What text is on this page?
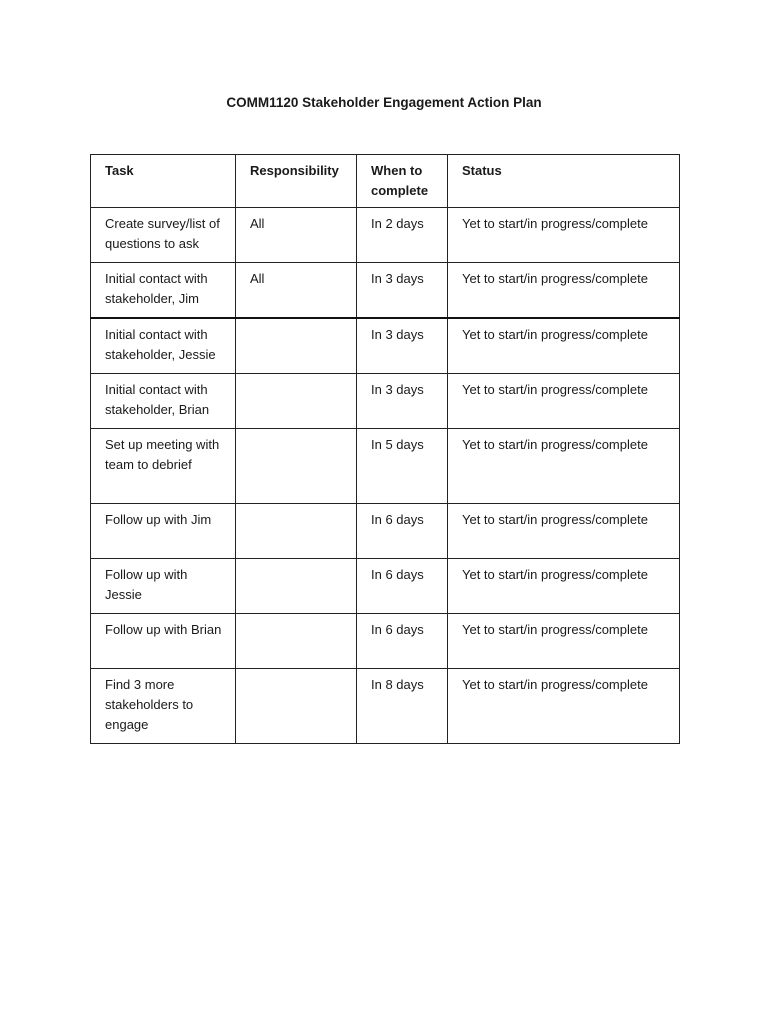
COMM1120 Stakeholder Engagement Action Plan
Task	Responsibility	When to complete	Status
Create survey/list of questions to ask	All	In 2 days	Yet to start/in progress/complete
Initial contact with stakeholder, Jim	All	In 3 days	Yet to start/in progress/complete
Initial contact with stakeholder, Jessie		In 3 days	Yet to start/in progress/complete
Initial contact with stakeholder, Brian		In 3 days	Yet to start/in progress/complete
Set up meeting with team to debrief		In 5 days	Yet to start/in progress/complete
Follow up with Jim		In 6 days	Yet to start/in progress/complete
Follow up with Jessie		In 6 days	Yet to start/in progress/complete
Follow up with Brian		In 6 days	Yet to start/in progress/complete
Find 3 more stakeholders to engage		In 8 days	Yet to start/in progress/complete
